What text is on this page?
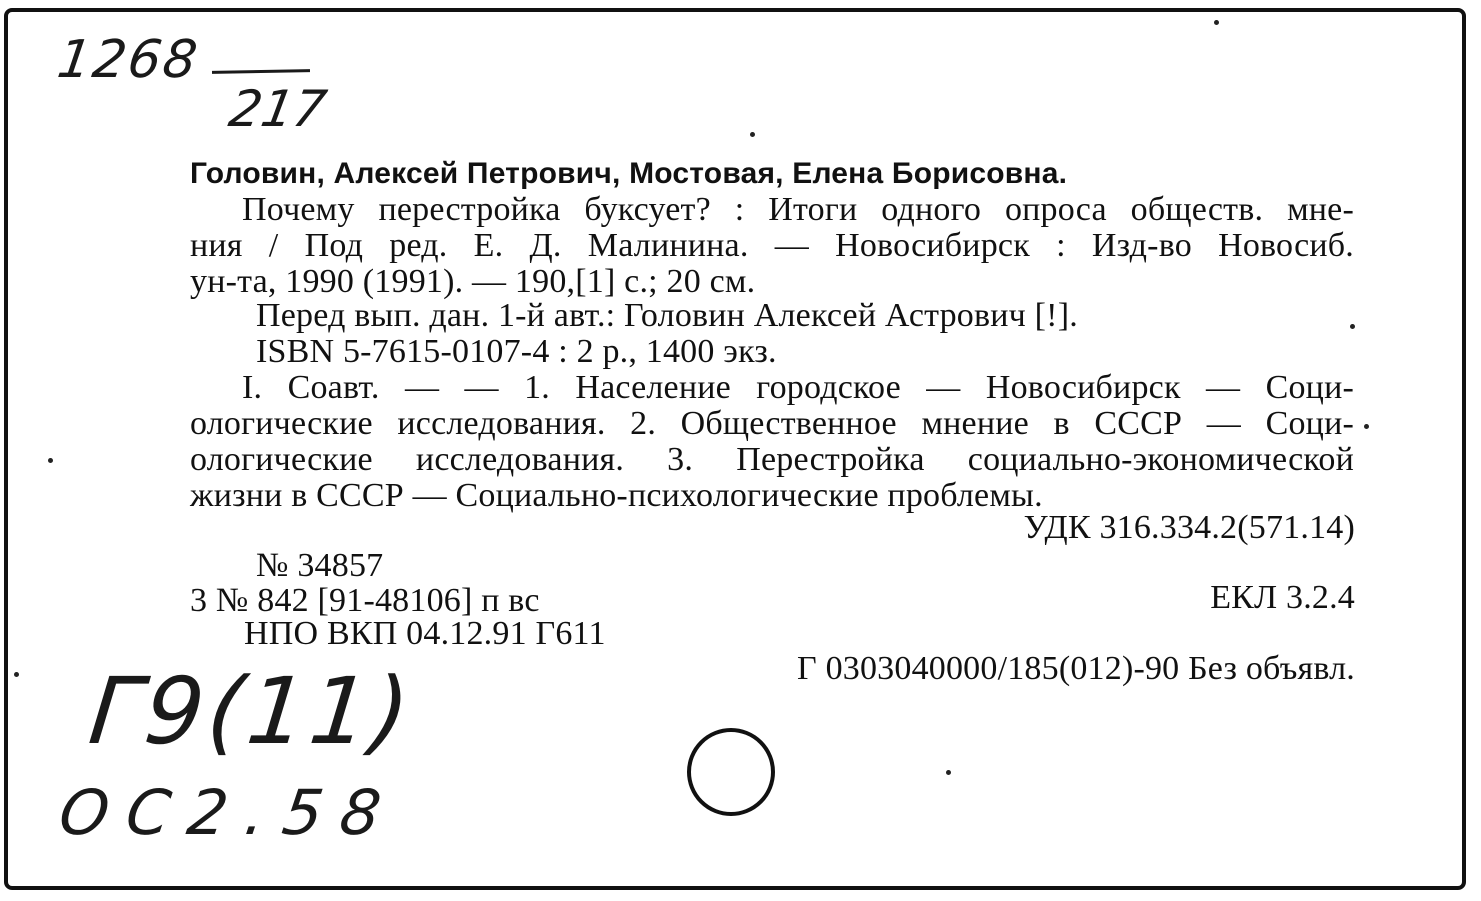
1268
217
Головин, Алексей Петрович, Мостовая, Елена Борисовна.
Почему перестройка буксует? : Итоги одного опроса обществ. мне-
ния / Под ред. Е. Д. Малинина. — Новосибирск : Изд-во Новосиб.
ун-та, 1990 (1991). — 190,[1] с.; 20 см.
Перед вып. дан. 1-й авт.: Головин Алексей Астрович [!].
ISBN 5-7615-0107-4 : 2 р., 1400 экз.
I. Соавт. — — 1. Население городское — Новосибирск — Соци-
ологические исследования. 2. Общественное мнение в СССР — Соци-
ологические исследования. 3. Перестройка социально-экономической
жизни в СССР — Социально-психологические проблемы.
УДК 316.334.2(571.14)
№ 34857
3 № 842 [91-48106] п вс	ЕКЛ 3.2.4
НПО ВКП 04.12.91 Г611
Г 0303040000/185(012)-90 Без объявл.
Г9(11)
ОС2.58
